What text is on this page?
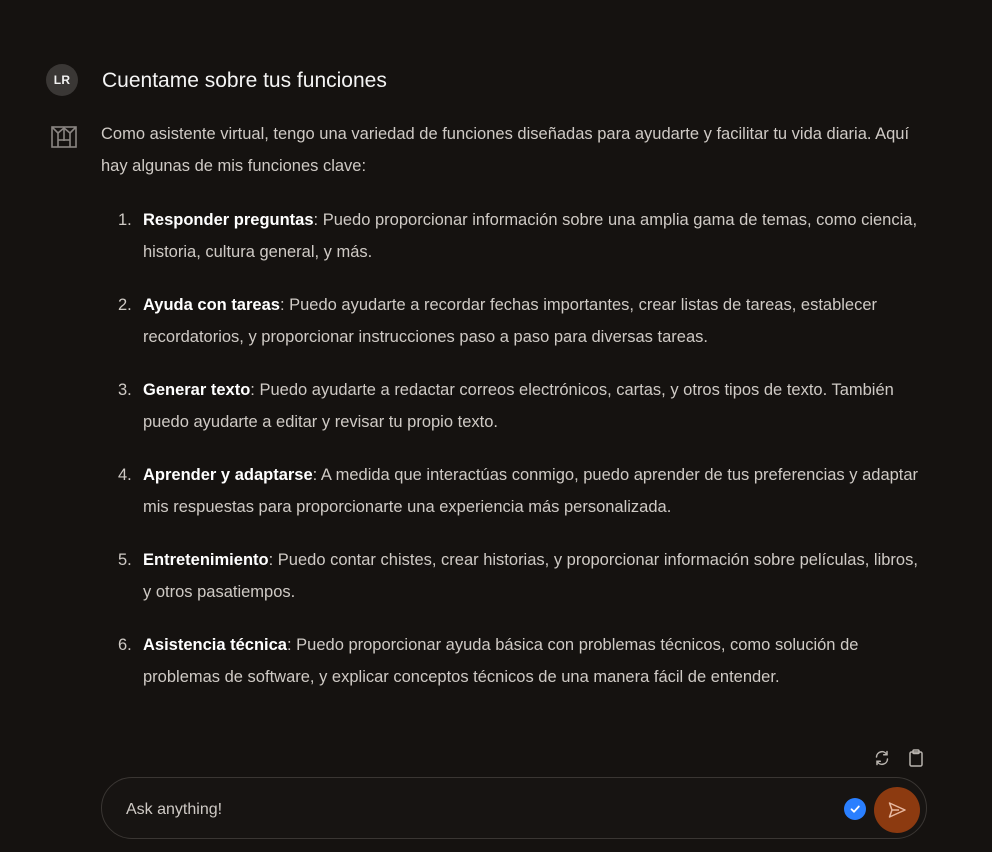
LR	Cuentame sobre tus funciones

Como asistente virtual, tengo una variedad de funciones diseñadas para ayudarte y facilitar tu vida diaria. Aquí hay algunas de mis funciones clave:

1. Responder preguntas: Puedo proporcionar información sobre una amplia gama de temas, como ciencia, historia, cultura general, y más.
2. Ayuda con tareas: Puedo ayudarte a recordar fechas importantes, crear listas de tareas, establecer recordatorios, y proporcionar instrucciones paso a paso para diversas tareas.
3. Generar texto: Puedo ayudarte a redactar correos electrónicos, cartas, y otros tipos de texto. También puedo ayudarte a editar y revisar tu propio texto.
4. Aprender y adaptarse: A medida que interactúas conmigo, puedo aprender de tus preferencias y adaptar mis respuestas para proporcionarte una experiencia más personalizada.
5. Entretenimiento: Puedo contar chistes, crear historias, y proporcionar información sobre películas, libros, y otros pasatiempos.
6. Asistencia técnica: Puedo proporcionar ayuda básica con problemas técnicos, como solución de problemas de software, y explicar conceptos técnicos de una manera fácil de entender.
Ask anything!
